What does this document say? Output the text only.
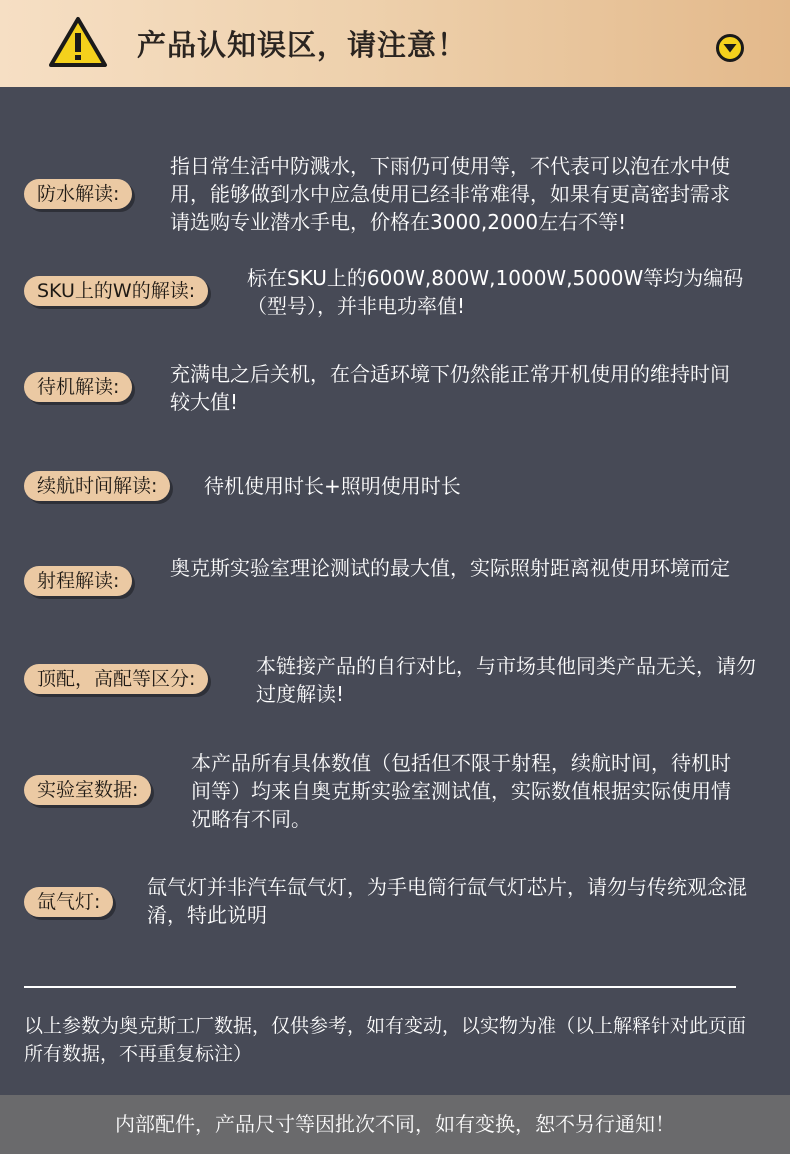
产品认知误区，请注意！
防水解读:
指日常生活中防溅水，下雨仍可使用等，不代表可以泡在水中使用，能够做到水中应急使用已经非常难得，如果有更高密封需求请选购专业潜水手电，价格在3000,2000左右不等!
SKU上的W的解读:
标在SKU上的600W,800W,1000W,5000W等均为编码（型号），并非电功率值!
待机解读:
充满电之后关机，在合适环境下仍然能正常开机使用的维持时间较大值!
续航时间解读:	待机使用时长+照明使用时长
射程解读:
奥克斯实验室理论测试的最大值，实际照射距离视使用环境而定
顶配，高配等区分:
本链接产品的自行对比，与市场其他同类产品无关，请勿过度解读!
实验室数据:
本产品所有具体数值（包括但不限于射程，续航时间，待机时间等）均来自奥克斯实验室测试值，实际数值根据实际使用情况略有不同。
氙气灯:
氙气灯并非汽车氙气灯，为手电筒行氙气灯芯片，请勿与传统观念混淆，特此说明
以上参数为奥克斯工厂数据，仅供参考，如有变动，以实物为准（以上解释针对此页面所有数据，不再重复标注）
内部配件，产品尺寸等因批次不同，如有变换，恕不另行通知！
